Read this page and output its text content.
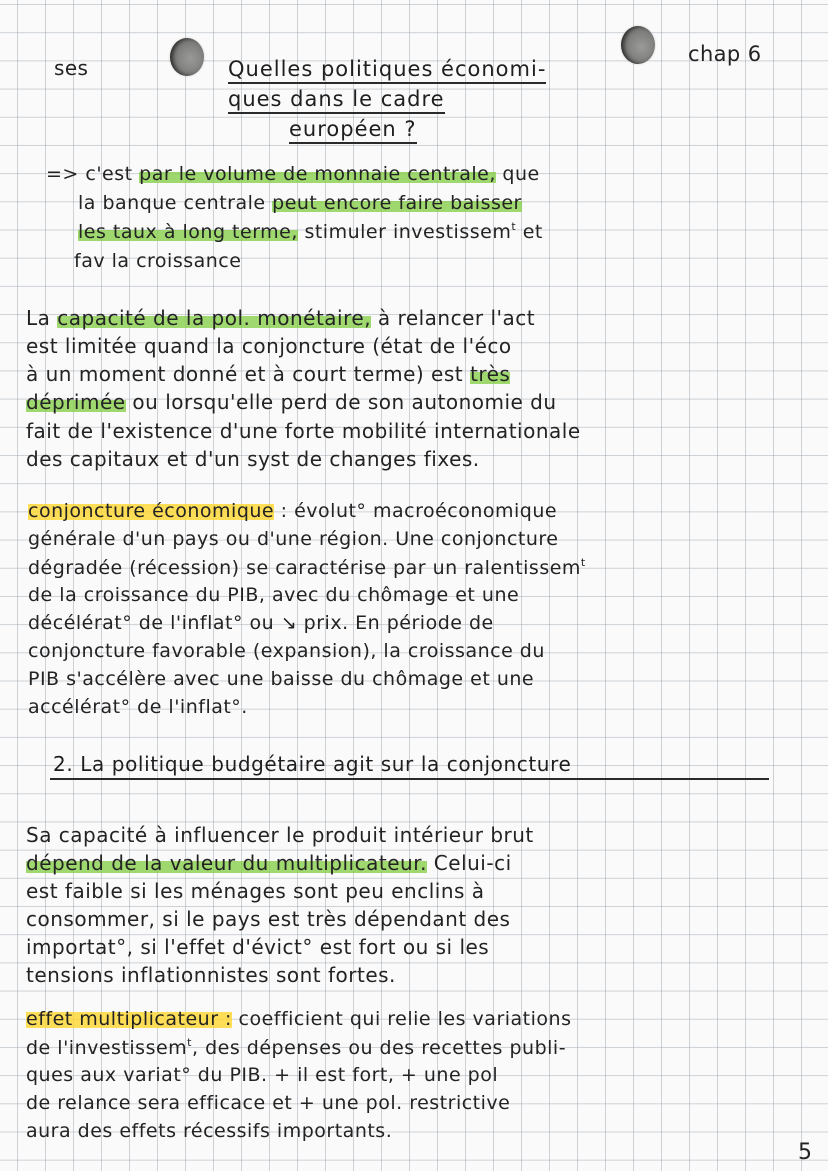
ses
chap 6
Quelles politiques économi-
ques dans le cadre
européen ?
=> c'est par le volume de monnaie centrale, que
la banque centrale peut encore faire baisser
les taux à long terme, stimuler investissem$^t$ et
fav la croissance
La capacité de la pol. monétaire, à relancer l'act
est limitée quand la conjoncture (état de l'éco
à un moment donné et à court terme) est très
déprimée ou lorsqu'elle perd de son autonomie du
fait de l'existence d'une forte mobilité internationale
des capitaux et d'un syst de changes fixes.
conjoncture économique : évolut° macroéconomique
générale d'un pays ou d'une région. Une conjoncture
dégradée (récession) se caractérise par un ralentissem$^t$
de la croissance du PIB, avec du chômage et une
décélérat° de l'inflat° ou ↘ prix. En période de
conjoncture favorable (expansion), la croissance du
PIB s'accélère avec une baisse du chômage et une
accélérat° de l'inflat°.
2. La politique budgétaire agit sur la conjoncture
Sa capacité à influencer le produit intérieur brut
dépend de la valeur du multiplicateur. Celui-ci
est faible si les ménages sont peu enclins à
consommer, si le pays est très dépendant des
importat°, si l'effet d'évict° est fort ou si les
tensions inflationnistes sont fortes.
effet multiplicateur : coefficient qui relie les variations
de l'investissem$^t$, des dépenses ou des recettes publi-
ques aux variat° du PIB. + il est fort, + une pol
de relance sera efficace et + une pol. restrictive
aura des effets récessifs importants.
5
